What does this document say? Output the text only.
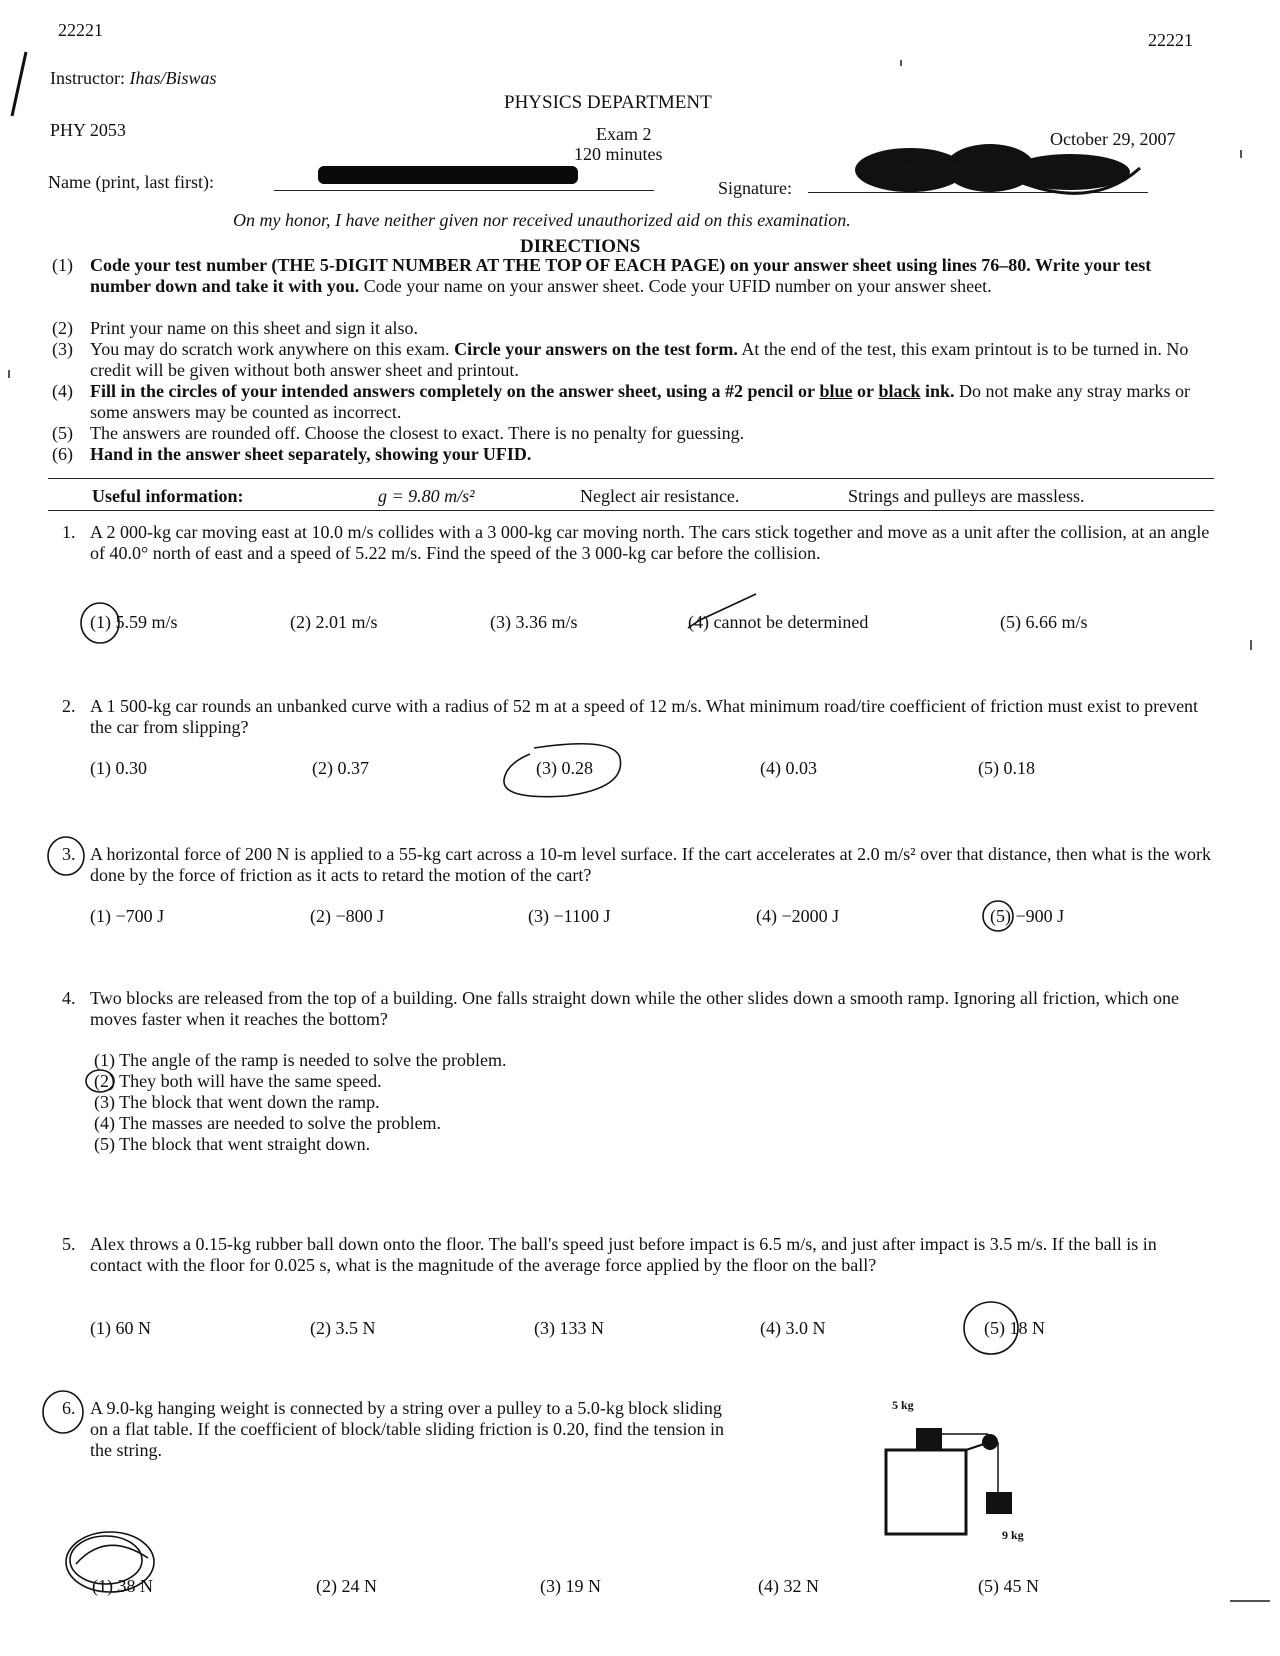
22221	22221
Instructor: Ihas/Biswas
PHYSICS DEPARTMENT
PHY 2053	Exam 2
120 minutes
October 29, 2007
Name (print, last first):	Signature:
On my honor, I have neither given nor received unauthorized aid on this examination.
DIRECTIONS
(1) Code your test number (THE 5-DIGIT NUMBER AT THE TOP OF EACH PAGE) on your answer sheet using lines 76–80. Write your test number down and take it with you. Code your name on your answer sheet. Code your UFID number on your answer sheet.
(2) Print your name on this sheet and sign it also.
(3) You may do scratch work anywhere on this exam. Circle your answers on the test form. At the end of the test, this exam printout is to be turned in. No credit will be given without both answer sheet and printout.
(4) Fill in the circles of your intended answers completely on the answer sheet, using a #2 pencil or blue or black ink. Do not make any stray marks or some answers may be counted as incorrect.
(5) The answers are rounded off. Choose the closest to exact. There is no penalty for guessing.
(6) Hand in the answer sheet separately, showing your UFID.
Useful information:	g = 9.80 m/s²	Neglect air resistance.	Strings and pulleys are massless.
1. A 2 000-kg car moving east at 10.0 m/s collides with a 3 000-kg car moving north. The cars stick together and move as a unit after the collision, at an angle of 40.0° north of east and a speed of 5.22 m/s. Find the speed of the 3 000-kg car before the collision.
(1) 5.59 m/s	(2) 2.01 m/s	(3) 3.36 m/s	(4) cannot be determined	(5) 6.66 m/s
2. A 1 500-kg car rounds an unbanked curve with a radius of 52 m at a speed of 12 m/s. What minimum road/tire coefficient of friction must exist to prevent the car from slipping?
(1) 0.30	(2) 0.37	(3) 0.28	(4) 0.03	(5) 0.18
3. A horizontal force of 200 N is applied to a 55-kg cart across a 10-m level surface. If the cart accelerates at 2.0 m/s² over that distance, then what is the work done by the force of friction as it acts to retard the motion of the cart?
(1) −700 J	(2) −800 J	(3) −1100 J	(4) −2000 J	(5) −900 J
4. Two blocks are released from the top of a building. One falls straight down while the other slides down a smooth ramp. Ignoring all friction, which one moves faster when it reaches the bottom?
(1) The angle of the ramp is needed to solve the problem.
(2) They both will have the same speed.
(3) The block that went down the ramp.
(4) The masses are needed to solve the problem.
(5) The block that went straight down.
5. Alex throws a 0.15-kg rubber ball down onto the floor. The ball's speed just before impact is 6.5 m/s, and just after impact is 3.5 m/s. If the ball is in contact with the floor for 0.025 s, what is the magnitude of the average force applied by the floor on the ball?
(1) 60 N	(2) 3.5 N	(3) 133 N	(4) 3.0 N	(5) 18 N
6. A 9.0-kg hanging weight is connected by a string over a pulley to a 5.0-kg block sliding on a flat table. If the coefficient of block/table sliding friction is 0.20, find the tension in the string.
5 kg
9 kg
(1) 38 N	(2) 24 N	(3) 19 N	(4) 32 N	(5) 45 N
